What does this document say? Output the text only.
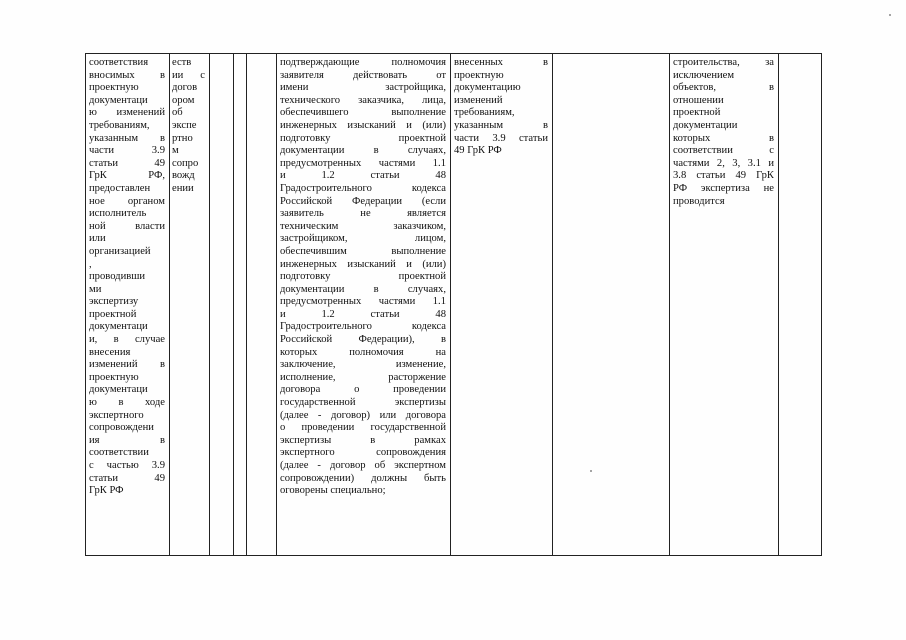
соответствия
вносимых в
проектную
документаци
ю изменений
требованиям,
указанным в
части 3.9
статьи 49
ГрК РФ,
предоставлен
ное органом
исполнитель
ной власти
или
организацией
,
проводивши
ми
экспертизу
проектной
документаци
и, в случае
внесения
изменений в
проектную
документаци
ю в ходе
экспертного
сопровождени
ия в
соответствии
с частью 3.9
статьи 49
ГрК РФ
еств
ии с
догов
ором
об
экспе
ртно
м
сопро
вожд
ении
подтверждающие полномочия
заявителя действовать от
имени застройщика,
технического заказчика, лица,
обеспечившего выполнение
инженерных изысканий и (или)
подготовку проектной
документации в случаях,
предусмотренных частями 1.1
и 1.2 статьи 48
Градостроительного кодекса
Российской Федерации (если
заявитель не является
техническим заказчиком,
застройщиком, лицом,
обеспечившим выполнение
инженерных изысканий и (или)
подготовку проектной
документации в случаях,
предусмотренных частями 1.1
и 1.2 статьи 48
Градостроительного кодекса
Российской Федерации), в
которых полномочия на
заключение, изменение,
исполнение, расторжение
договора о проведении
государственной экспертизы
(далее - договор) или договора
о проведении государственной
экспертизы в рамках
экспертного сопровождения
(далее - договор об экспертном
сопровождении) должны быть
оговорены специально;
внесенных в
проектную
документацию
изменений
требованиям,
указанным в
части 3.9 статьи
49 ГрК РФ
строительства, за
исключением
объектов, в
отношении
проектной
документации
которых в
соответствии с
частями 2, 3, 3.1 и
3.8 статьи 49 ГрК
РФ экспертиза не
проводится
